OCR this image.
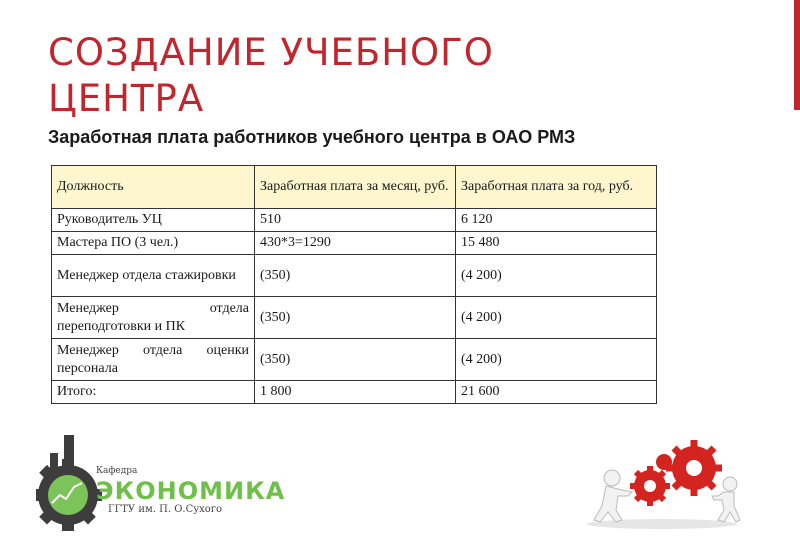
СОЗДАНИЕ УЧЕБНОГО
ЦЕНТРА

Заработная плата работников учебного центра в ОАО РМЗ

Должность	Заработная плата за месяц, руб.	Заработная плата за год, руб.
Руководитель УЦ	510	6 120
Мастера ПО (3 чел.)	430*3=1290	15 480
Менеджер отдела стажировки	(350)	(4 200)
Менеджер отдела переподготовки и ПК	(350)	(4 200)
Менеджер отдела оценки персонала	(350)	(4 200)
Итого:	1 800	21 600
Кафедра
ЭКОНОМИКА
ГГТУ им. П. О.Сухого
